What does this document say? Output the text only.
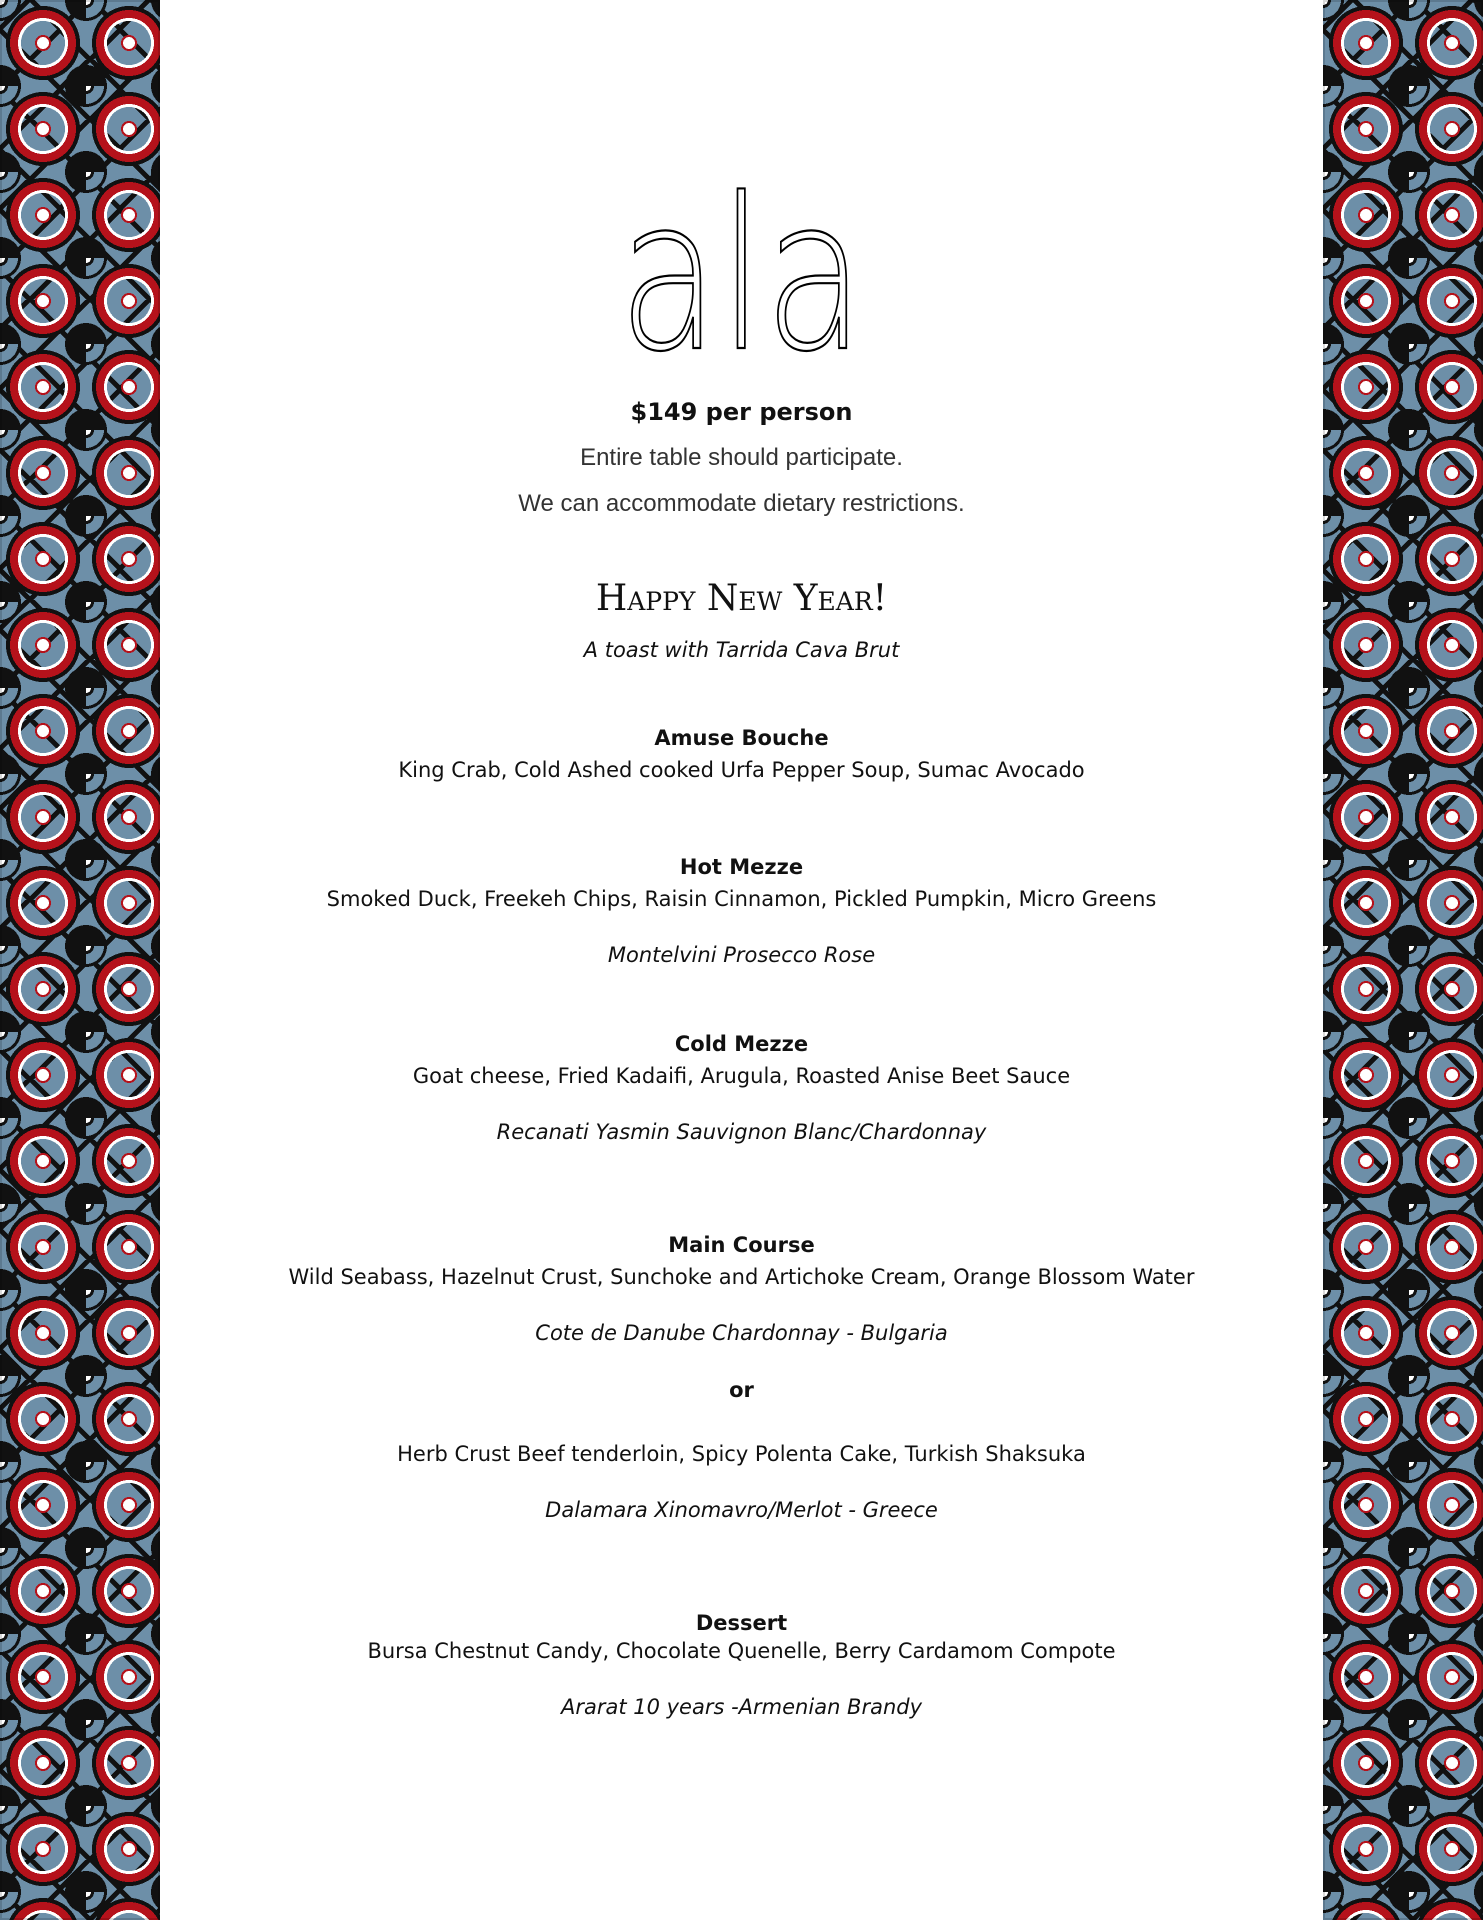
ala
$149 per person
Entire table should participate.
We can accommodate dietary restrictions.
Happy New Year!
A toast with Tarrida Cava Brut
Amuse Bouche
King Crab, Cold Ashed cooked Urfa Pepper Soup, Sumac Avocado
Hot Mezze
Smoked Duck, Freekeh Chips, Raisin Cinnamon, Pickled Pumpkin, Micro Greens
Montelvini Prosecco Rose
Cold Mezze
Goat cheese, Fried Kadaifi, Arugula, Roasted Anise Beet Sauce
Recanati Yasmin Sauvignon Blanc/Chardonnay
Main Course
Wild Seabass, Hazelnut Crust, Sunchoke and Artichoke Cream, Orange Blossom Water
Cote de Danube Chardonnay - Bulgaria
or
Herb Crust Beef tenderloin, Spicy Polenta Cake, Turkish Shaksuka
Dalamara Xinomavro/Merlot - Greece
Dessert
Bursa Chestnut Candy, Chocolate Quenelle, Berry Cardamom Compote
Ararat 10 years -Armenian Brandy
